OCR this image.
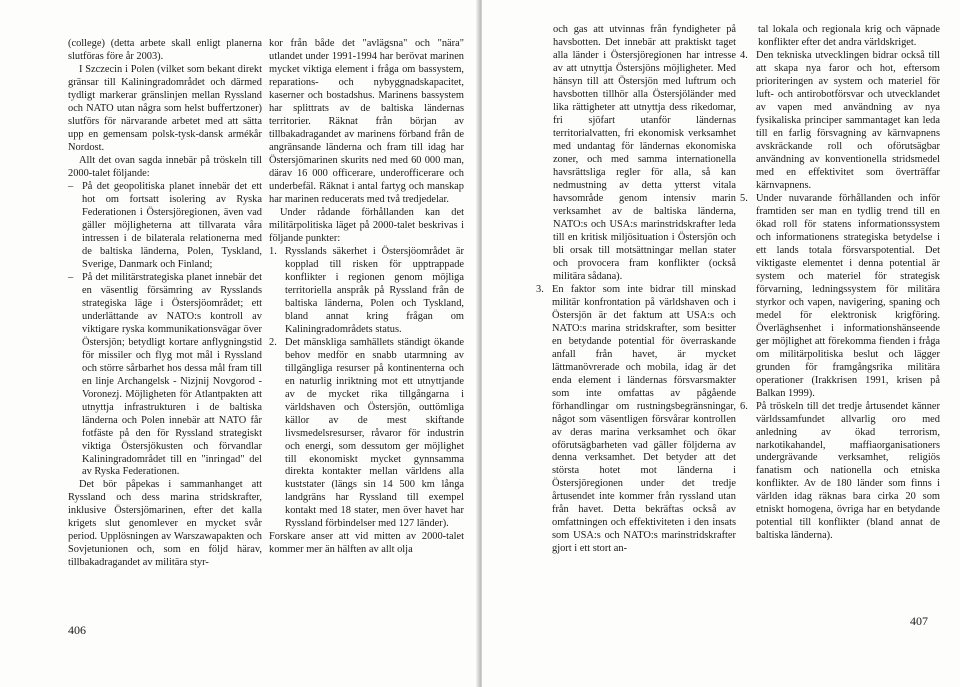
(college) (detta arbete skall enligt planerna slutföras före år 2003).

I Szczecin i Polen (vilket som bekant direkt gränsar till Kaliningradområdet och därmed tydligt markerar gränslinjen mellan Ryssland och NATO utan några som helst buffertzoner) slutförs för närvarande arbetet med att sätta upp en gemensam polsk-tysk-dansk armékår Nordost.

Allt det ovan sagda innebär på tröskeln till 2000-talet följande:

– På det geopolitiska planet innebär det ett hot om fortsatt isolering av Ryska Federationen i Östersjöregionen, även vad gäller möjligheterna att tillvarata våra intressen i de bilaterala relationerna med de baltiska länderna, Polen, Tyskland, Sverige, Danmark och Finland;
– På det militärstrategiska planet innebär det en väsentlig försämring av Rysslands strategiska läge i Östersjöområdet; ett underlättande av NATO:s kontroll av viktigare ryska kommunikationsvägar över Östersjön; betydligt kortare anflygningstid för missiler och flyg mot mål i Ryssland och större sårbarhet hos dessa mål fram till en linje Archangelsk - Nizjnij Novgorod - Voronezj. Möjligheten för Atlantpakten att utnyttja infrastrukturen i de baltiska länderna och Polen innebär att NATO får fotfäste på den för Ryssland strategiskt viktiga Östersjökusten och förvandlar Kaliningradområdet till en "inringad" del av Ryska Federationen.

Det bör påpekas i sammanhanget att Ryssland och dess marina stridskrafter, inklusive Östersjömarinen, efter det kalla krigets slut genomlever en mycket svår period. Upplösningen av Warszawapakten och Sovjetunionen och, som en följd härav, tillbakadragandet av militära styr-

kor från både det "avlägsna" och "nära" utlandet under 1991-1994 har berövat marinen mycket viktiga element i fråga om bassystem, reparations- och nybyggnadskapacitet, kaserner och bostadshus. Marinens bassystem har splittrats av de baltiska ländernas territorier. Räknat från början av tillbakadragandet av marinens förband från de angränsande länderna och fram till idag har Östersjömarinen skurits ned med 60 000 man, därav 16 000 officerare, underofficerare och underbefäl. Räknat i antal fartyg och manskap har marinen reducerats med två tredjedelar.

Under rådande förhållanden kan det militärpolitiska läget på 2000-talet beskrivas i följande punkter:

1. Rysslands säkerhet i Östersjöområdet är kopplad till risken för upptrappade konflikter i regionen genom möjliga territoriella anspråk på Ryssland från de baltiska länderna, Polen och Tyskland, bland annat kring frågan om Kaliningradområdets status.
2. Det mänskliga samhällets ständigt ökande behov medför en snabb utarmning av tillgängliga resurser på kontinenterna och en naturlig inriktning mot ett utnyttjande av de mycket rika tillgångarna i världshaven och Östersjön, outtömliga källor av de mest skiftande livsmedelsresurser, råvaror för industrin och energi, som dessutom ger möjlighet till ekonomiskt mycket gynnsamma direkta kontakter mellan världens alla kuststater (längs sin 14 500 km långa landgräns har Ryssland till exempel kontakt med 18 stater, men över havet har Ryssland förbindelser med 127 länder).

Forskare anser att vid mitten av 2000-talet kommer mer än hälften av allt olja

406

och gas att utvinnas från fyndigheter på havsbotten. Det innebär att praktiskt taget alla länder i Östersjöregionen har intresse av att utnyttja Östersjöns möjligheter. Med hänsyn till att Östersjön med luftrum och havsbotten tillhör alla Östersjöländer med lika rättigheter att utnyttja dess rikedomar, fri sjöfart utanför ländernas territorialvatten, fri ekonomisk verksamhet med undantag för ländernas ekonomiska zoner, och med samma internationella havsrättsliga regler för alla, så kan nedmustning av detta ytterst vitala havsområde genom intensiv marin verksamhet av de baltiska länderna, NATO:s och USA:s marinstridskrafter leda till en kritisk miljösituation i Östersjön och bli orsak till motsättningar mellan stater och provocera fram konflikter (också militära sådana).

3. En faktor som inte bidrar till minskad militär konfrontation på världshaven och i Östersjön är det faktum att USA:s och NATO:s marina stridskrafter, som besitter en betydande potential för överraskande anfall från havet, är mycket lättmanövrerade och mobila, idag är det enda element i ländernas försvarsmakter som inte omfattas av pågående förhandlingar om rustningsbegränsningar, något som väsentligen försvårar kontrollen av deras marina verksamhet och ökar oförutsägbarheten vad gäller följderna av denna verksamhet. Det betyder att det största hotet mot länderna i Östersjöregionen under det tredje årtusendet inte kommer från ryssland utan från havet. Detta bekräftas också av omfattningen och effektiviteten i den insats som USA:s och NATO:s marinstridskrafter gjort i ett stort an-

tal lokala och regionala krig och väpnade konflikter efter det andra världskriget.

4. Den tekniska utvecklingen bidrar också till att skapa nya faror och hot, eftersom prioriteringen av system och materiel för luft- och antirobotförsvar och utvecklandet av vapen med användning av nya fysikaliska principer sammantaget kan leda till en farlig försvagning av kärnvapnens avskräckande roll och oförutsägbar användning av konventionella stridsmedel med en effektivitet som överträffar kärnvapnens.
5. Under nuvarande förhållanden och inför framtiden ser man en tydlig trend till en ökad roll för statens informationssystem och informationens strategiska betydelse i ett lands totala försvarspotential. Det viktigaste elementet i denna potential är system och materiel för strategisk förvarning, ledningssystem för militära styrkor och vapen, navigering, spaning och medel för elektronisk krigföring. Överläghsenhet i informationshänseende ger möjlighet att förekomma fienden i fråga om militärpolitiska beslut och lägger grunden för framgångsrika militära operationer (Irakkrisen 1991, krisen på Balkan 1999).
6. På tröskeln till det tredje årtusendet känner världssamfundet allvarlig oro med anledning av ökad terrorism, narkotikahandel, maffiaorganisationers undergrävande verksamhet, religiös fanatism och nationella och etniska konflikter. Av de 180 länder som finns i världen idag räknas bara cirka 20 som etniskt homogena, övriga har en betydande potential till konflikter (bland annat de baltiska länderna).
407
